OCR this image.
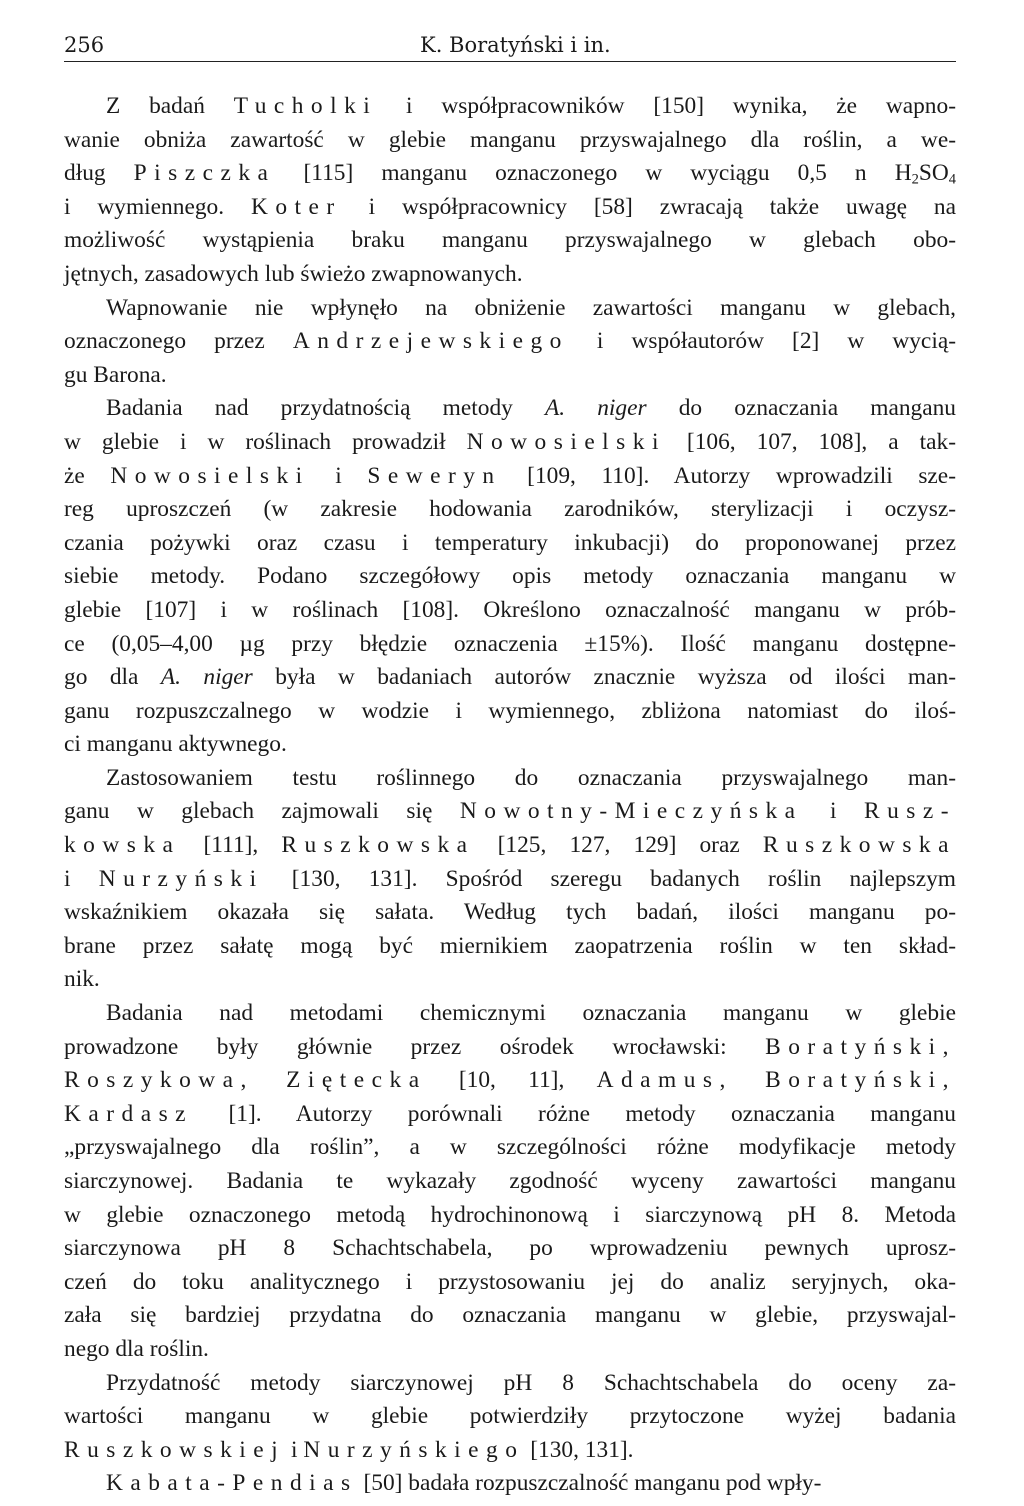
256	K. Boratyński i in.
Z badań Tucholki i współpracowników [150] wynika, że wapno-
wanie obniża zawartość w glebie manganu przyswajalnego dla roślin, a we-
dług Piszczka [115] manganu oznaczonego w wyciągu 0,5 n $H_2SO_4$
i wymiennego. Koter i współpracownicy [58] zwracają także uwagę na
możliwość wystąpienia braku manganu przyswajalnego w glebach obo-
jętnych, zasadowych lub świeżo zwapnowanych.
Wapnowanie nie wpłynęło na obniżenie zawartości manganu w glebach,
oznaczonego przez Andrzejewskiego i współautorów [2] w wycią-
gu Barona.
Badania nad przydatnością metody A. niger do oznaczania manganu
w glebie i w roślinach prowadził Nowosielski [106, 107, 108], a tak-
że Nowosielski i Seweryn [109, 110]. Autorzy wprowadzili sze-
reg uproszczeń (w zakresie hodowania zarodników, sterylizacji i oczysz-
czania pożywki oraz czasu i temperatury inkubacji) do proponowanej przez
siebie metody. Podano szczegółowy opis metody oznaczania manganu w
glebie [107] i w roślinach [108]. Określono oznaczalność manganu w prób-
ce (0,05–4,00 µg przy błędzie oznaczenia ±15%). Ilość manganu dostępne-
go dla A. niger była w badaniach autorów znacznie wyższa od ilości man-
ganu rozpuszczalnego w wodzie i wymiennego, zbliżona natomiast do iloś-
ci manganu aktywnego.
Zastosowaniem testu roślinnego do oznaczania przyswajalnego man-
ganu w glebach zajmowali się Nowotny-Mieczyńska i Rusz-
kowska [111], Ruszkowska [125, 127, 129] oraz Ruszkowska
i Nurzyński [130, 131]. Spośród szeregu badanych roślin najlepszym
wskaźnikiem okazała się sałata. Według tych badań, ilości manganu po-
brane przez sałatę mogą być miernikiem zaopatrzenia roślin w ten skład-
nik.
Badania nad metodami chemicznymi oznaczania manganu w glebie
prowadzone były głównie przez ośrodek wrocławski: Boratyński,
Roszykowa, Ziętecka [10, 11], Adamus, Boratyński,
Kardasz [1]. Autorzy porównali różne metody oznaczania manganu
„przyswajalnego dla roślin”, a w szczególności różne modyfikacje metody
siarczynowej. Badania te wykazały zgodność wyceny zawartości manganu
w glebie oznaczonego metodą hydrochinonową i siarczynową pH 8. Metoda
siarczynowa pH 8 Schachtschabela, po wprowadzeniu pewnych uprosz-
czeń do toku analitycznego i przystosowaniu jej do analiz seryjnych, oka-
zała się bardziej przydatna do oznaczania manganu w glebie, przyswajal-
nego dla roślin.
Przydatność metody siarczynowej pH 8 Schachtschabela do oceny za-
wartości manganu w glebie potwierdziły przytoczone wyżej badania
Ruszkowskiej i Nurzyńskiego [130, 131].
Kabata-Pendias [50] badała rozpuszczalność manganu pod wpły-
